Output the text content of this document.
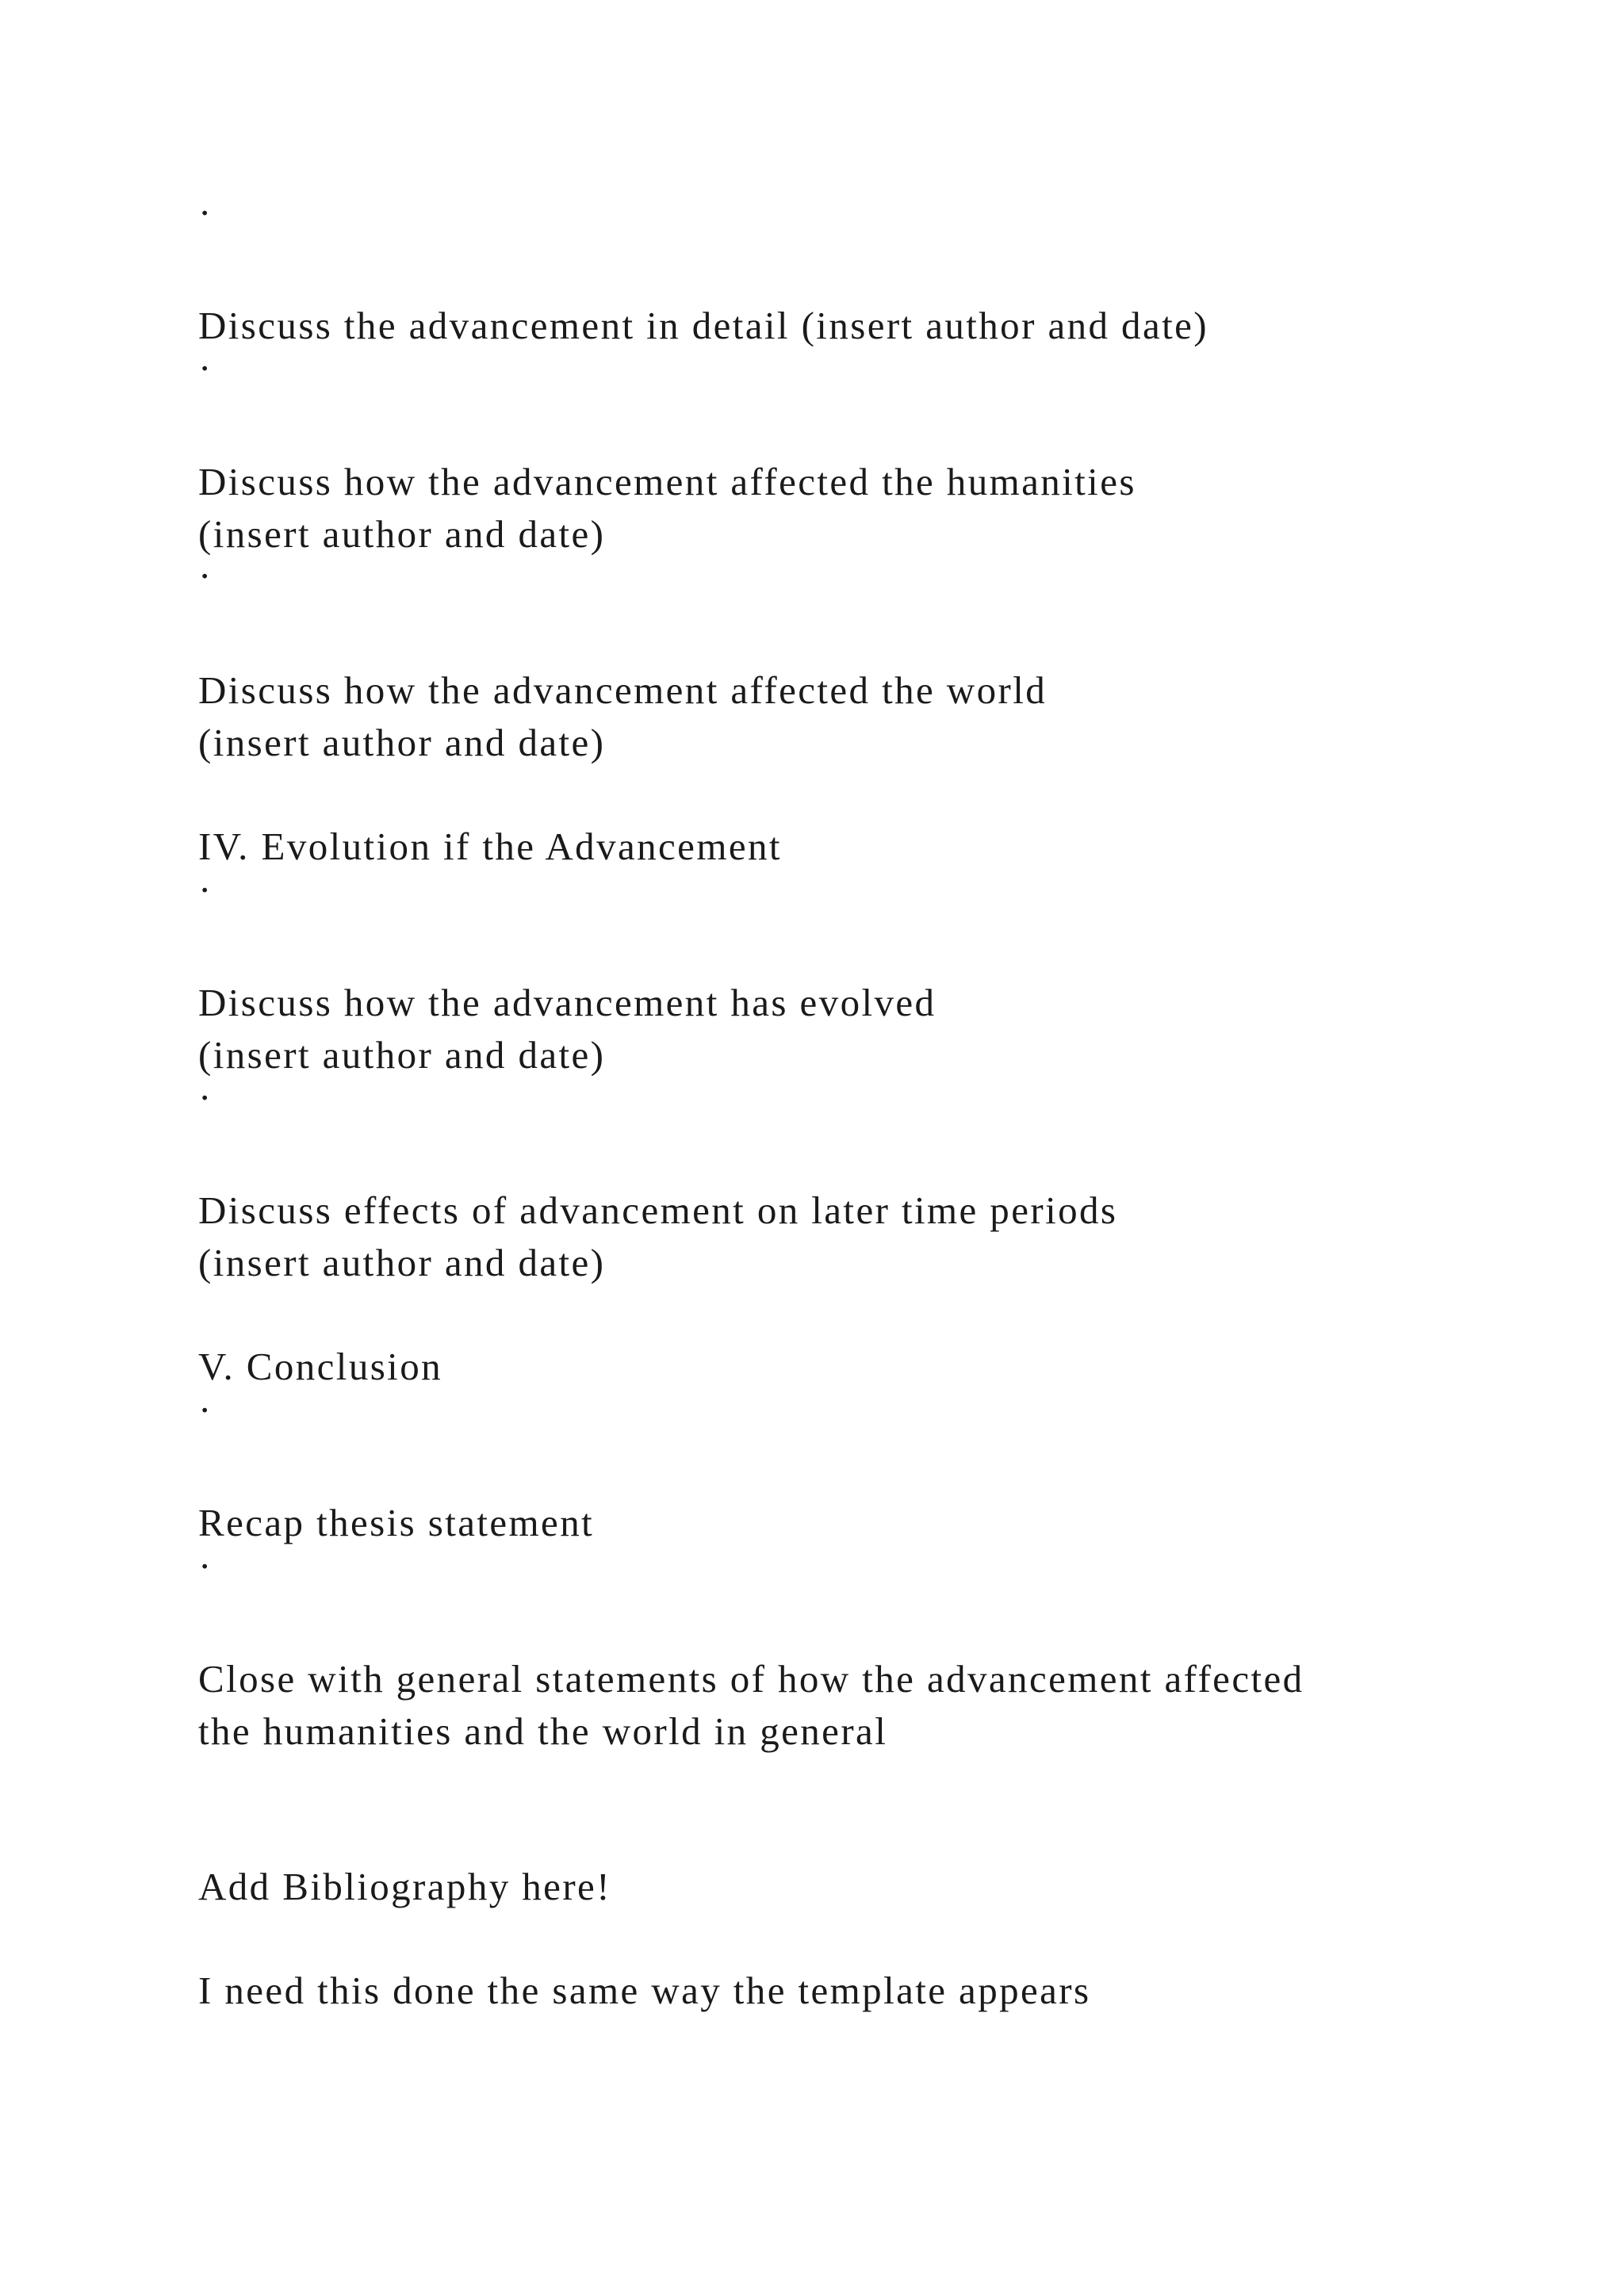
·
Discuss the advancement in detail (insert author and date)
·
Discuss how the advancement affected the humanities
(insert author and date)
·
Discuss how the advancement affected the world
(insert author and date)
IV. Evolution if the Advancement
·
Discuss how the advancement has evolved
(insert author and date)
·
Discuss effects of advancement on later time periods
(insert author and date)
V. Conclusion
·
Recap thesis statement
·
Close with general statements of how the advancement affected
the humanities and the world in general
Add Bibliography here!
I need this done the same way the template appears
